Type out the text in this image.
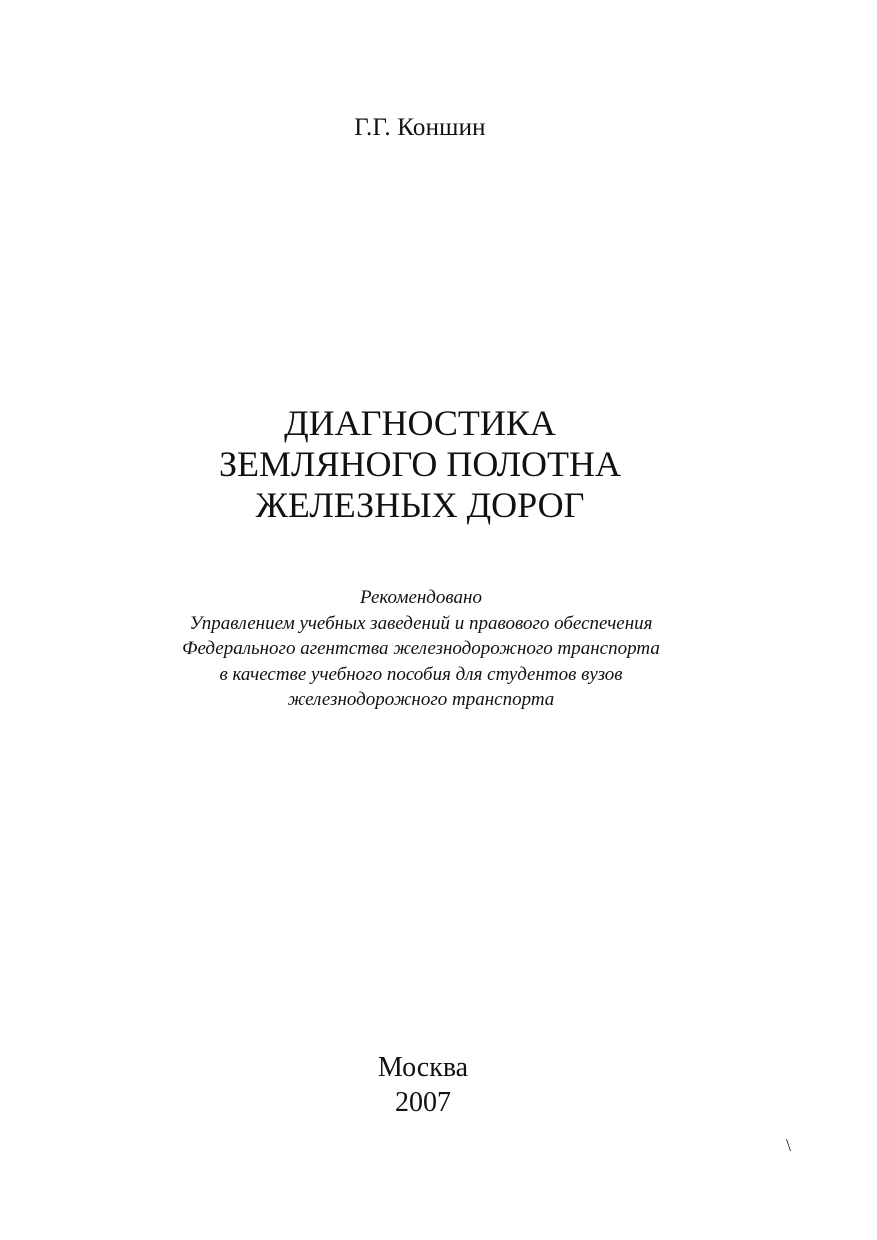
Г.Г. Коншин
ДИАГНОСТИКА
ЗЕМЛЯНОГО ПОЛОТНА
ЖЕЛЕЗНЫХ ДОРОГ
Рекомендовано
Управлением учебных заведений и правового обеспечения
Федерального агентства железнодорожного транспорта
в качестве учебного пособия для студентов вузов
железнодорожного транспорта
Москва
2007
\
